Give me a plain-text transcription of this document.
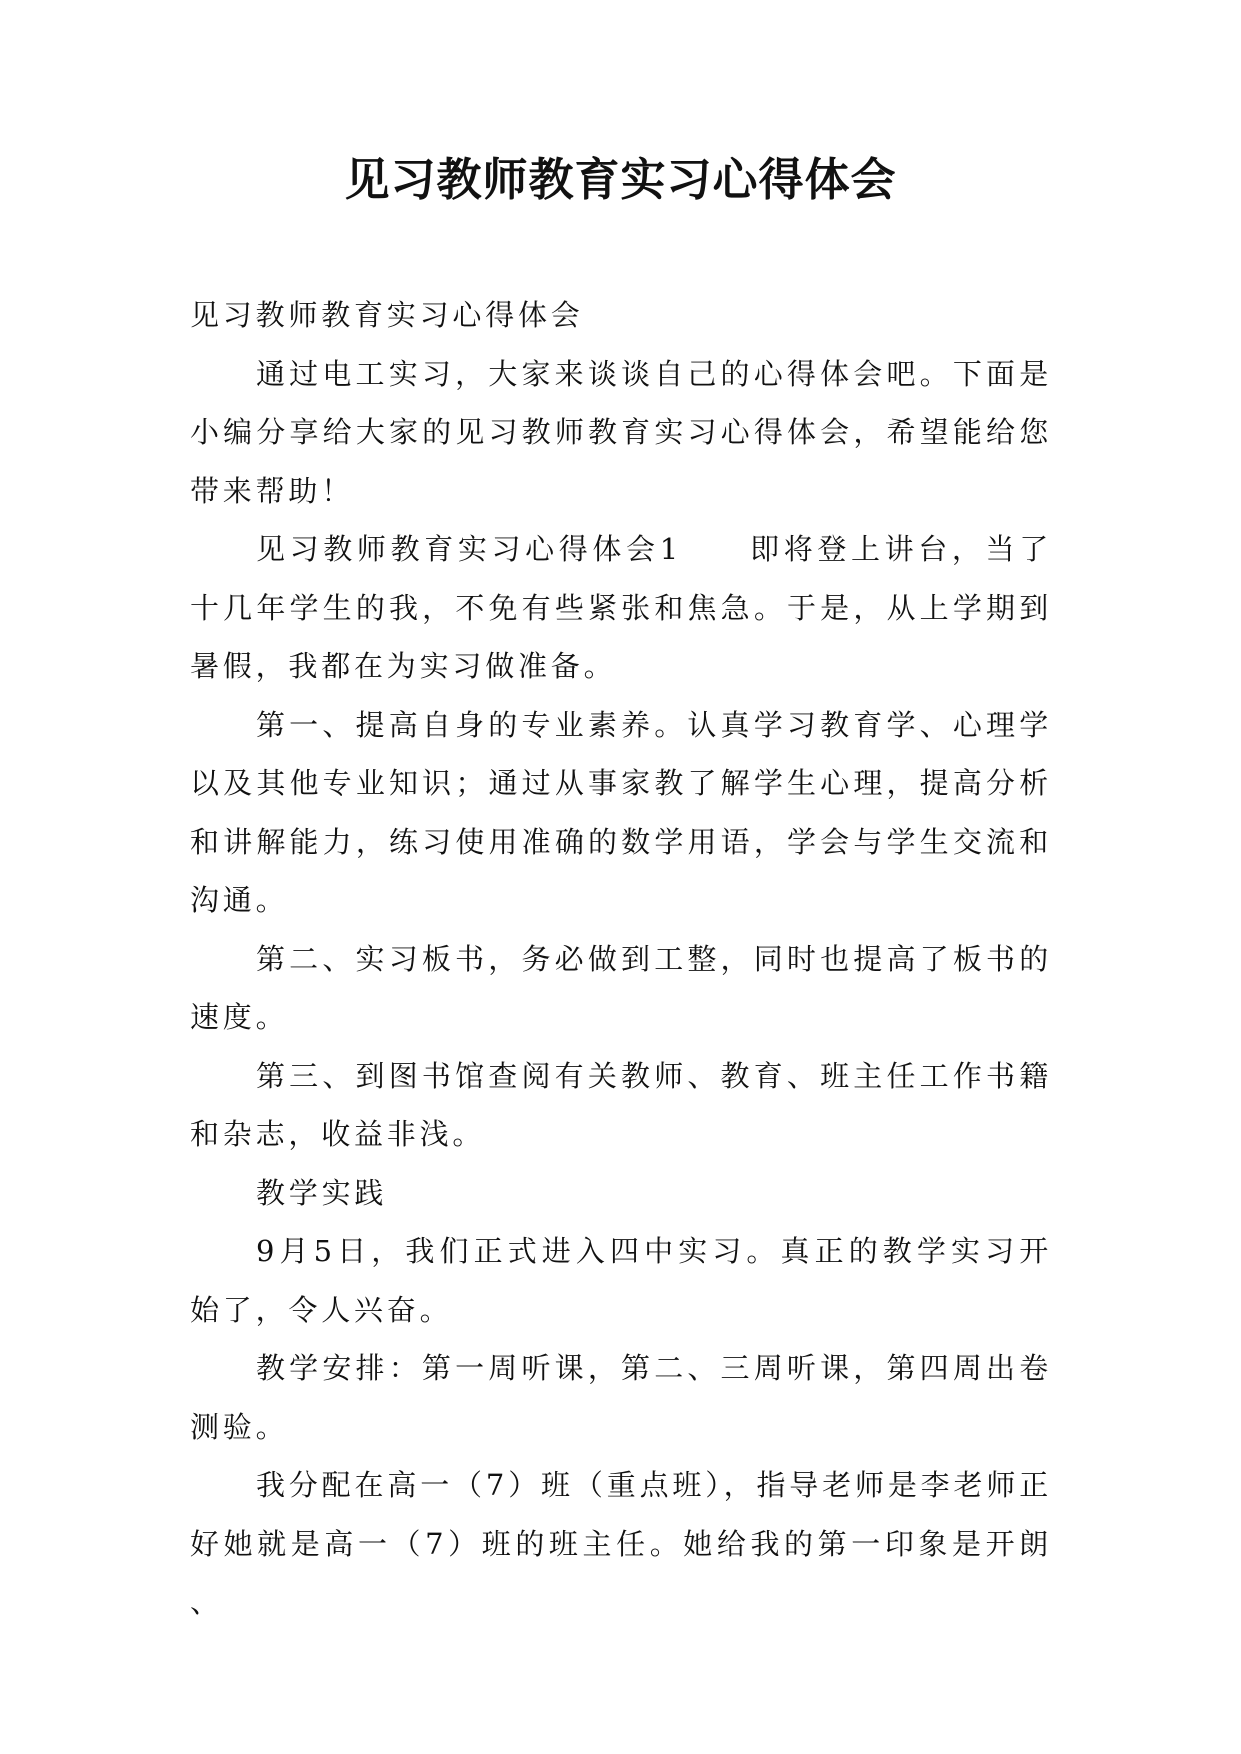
见习教师教育实习心得体会

见习教师教育实习心得体会

通过电工实习，大家来谈谈自己的心得体会吧。下面是小编分享给大家的见习教师教育实习心得体会，希望能给您带来帮助！

见习教师教育实习心得体会1　　即将登上讲台，当了十几年学生的我，不免有些紧张和焦急。于是，从上学期到暑假，我都在为实习做准备。

第一、提高自身的专业素养。认真学习教育学、心理学以及其他专业知识；通过从事家教了解学生心理，提高分析和讲解能力，练习使用准确的数学用语，学会与学生交流和沟通。

第二、实习板书，务必做到工整，同时也提高了板书的速度。

第三、到图书馆查阅有关教师、教育、班主任工作书籍和杂志，收益非浅。

教学实践

9月5日，我们正式进入四中实习。真正的教学实习开始了，令人兴奋。

教学安排：第一周听课，第二、三周听课，第四周出卷测验。

我分配在高一（7）班（重点班），指导老师是李老师正好她就是高一（7）班的班主任。她给我的第一印象是开朗、
